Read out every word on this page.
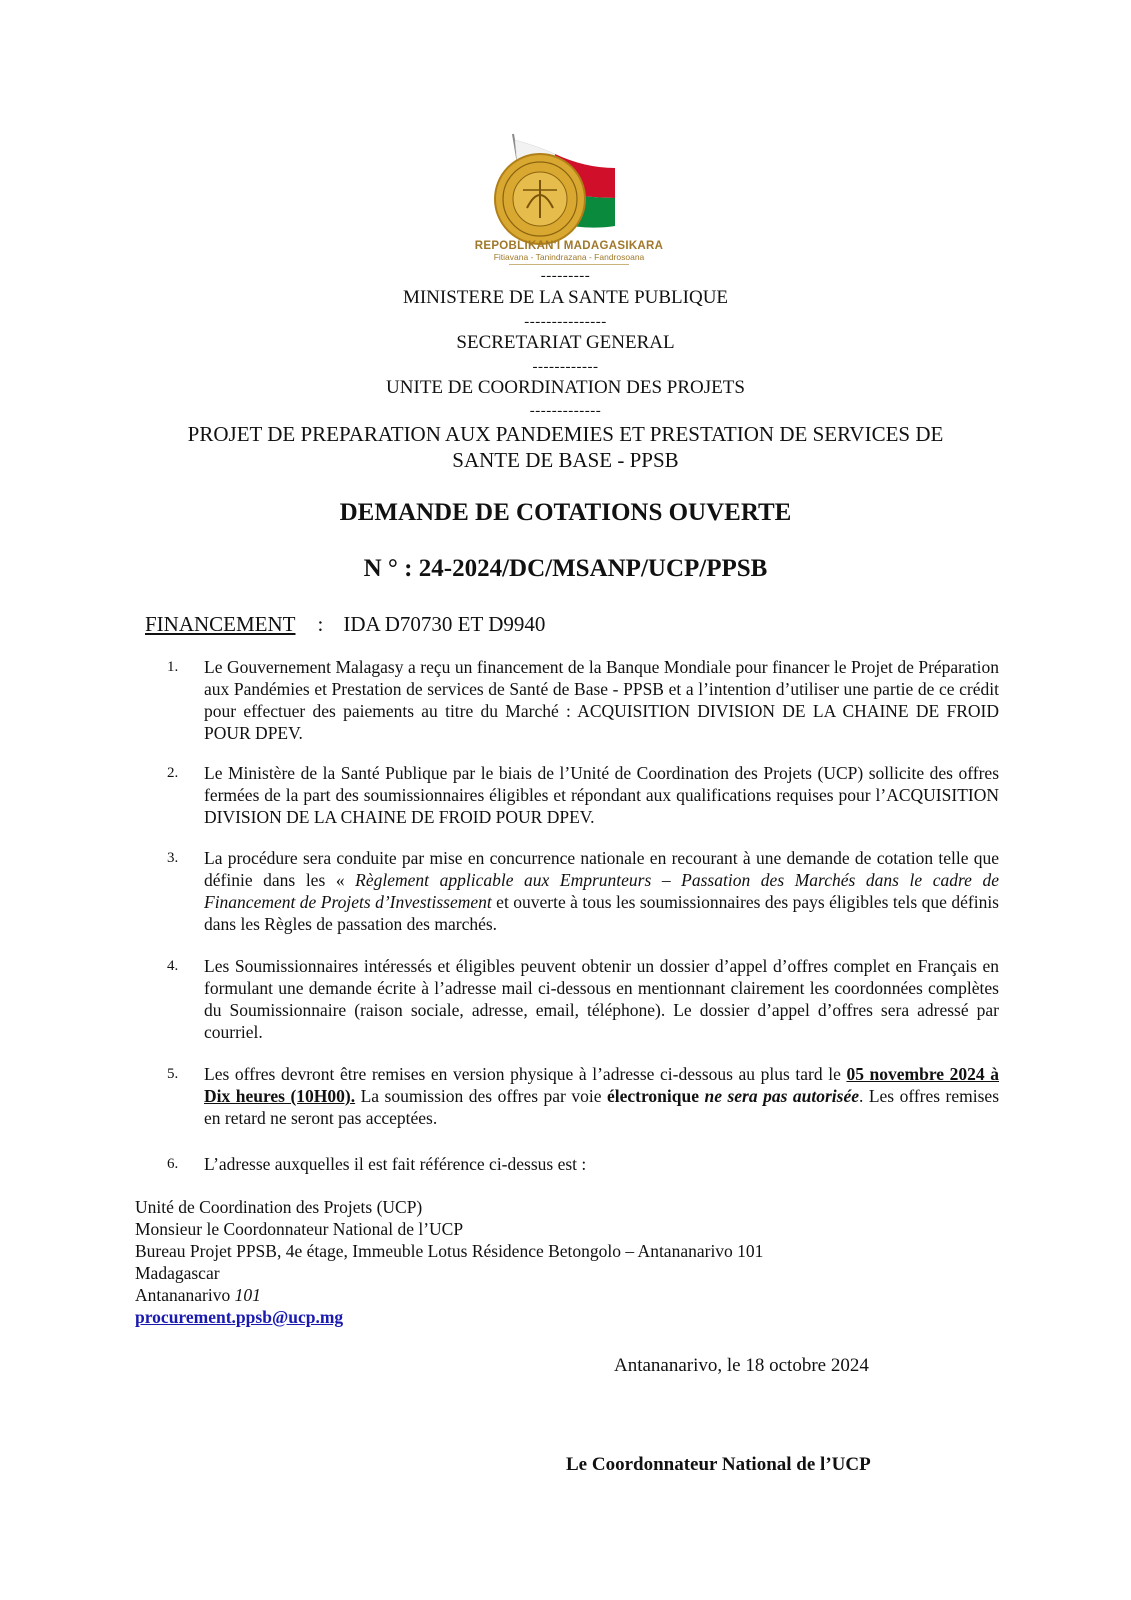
REPOBLIKAN'I MADAGASIKARA
Fitiavana - Tanindrazana - Fandrosoana
---------
MINISTERE DE LA SANTE PUBLIQUE
---------------
SECRETARIAT GENERAL
------------
UNITE DE COORDINATION DES PROJETS
-------------
PROJET DE PREPARATION AUX PANDEMIES ET PRESTATION DE SERVICES DE
SANTE DE BASE - PPSB
DEMANDE DE COTATIONS OUVERTE
N ° : 24-2024/DC/MSANP/UCP/PPSB
FINANCEMENT : IDA D70730 ET D9940
1. Le Gouvernement Malagasy a reçu un financement de la Banque Mondiale pour financer le Projet de Préparation aux Pandémies et Prestation de services de Santé de Base - PPSB et a l’intention d’utiliser une partie de ce crédit pour effectuer des paiements au titre du Marché : ACQUISITION DIVISION DE LA CHAINE DE FROID POUR DPEV.
2. Le Ministère de la Santé Publique par le biais de l’Unité de Coordination des Projets (UCP) sollicite des offres fermées de la part des soumissionnaires éligibles et répondant aux qualifications requises pour l’ACQUISITION DIVISION DE LA CHAINE DE FROID POUR DPEV.
3. La procédure sera conduite par mise en concurrence nationale en recourant à une demande de cotation telle que définie dans les « Règlement applicable aux Emprunteurs – Passation des Marchés dans le cadre de Financement de Projets d’Investissement et ouverte à tous les soumissionnaires des pays éligibles tels que définis dans les Règles de passation des marchés.
4. Les Soumissionnaires intéressés et éligibles peuvent obtenir un dossier d’appel d’offres complet en Français en formulant une demande écrite à l’adresse mail ci-dessous en mentionnant clairement les coordonnées complètes du Soumissionnaire (raison sociale, adresse, email, téléphone). Le dossier d’appel d’offres sera adressé par courriel.
5. Les offres devront être remises en version physique à l’adresse ci-dessous au plus tard le 05 novembre 2024 à Dix heures (10H00). La soumission des offres par voie électronique ne sera pas autorisée. Les offres remises en retard ne seront pas acceptées.
6. L’adresse auxquelles il est fait référence ci-dessus est :
Unité de Coordination des Projets (UCP)
Monsieur le Coordonnateur National de l’UCP
Bureau Projet PPSB, 4e étage, Immeuble Lotus Résidence Betongolo – Antananarivo 101
Madagascar
Antananarivo 101
procurement.ppsb@ucp.mg
Antananarivo, le 18 octobre 2024
Le Coordonnateur National de l’UCP
